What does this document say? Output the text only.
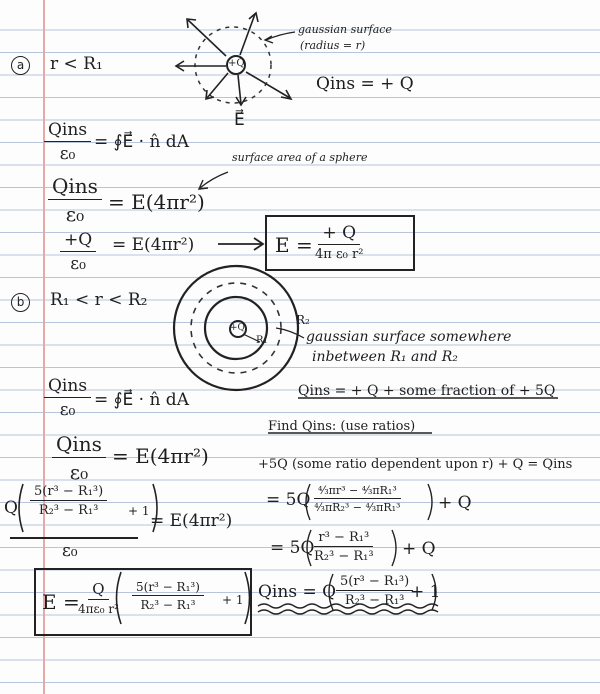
a	r < R₁	+Q
E⃗
gaussian surface
(radius = r)
Qins = + Q
Qins
ε₀
= ∮E⃗ · n̂ dA
surface area of a sphere
Qins
ε₀ = E(4πr²)
$\frac{+Q}{\text{ε₀}} = E(4\pi r^2)$	E = + Q
4π ε₀ r²
b	R₁ < r < R₂
+Q
R₁
R₂
gaussian surface somewhere
inbetween R₁ and R₂
Qins
ε₀ = ∮E⃗ · n̂ dA	Qins = + Q + some fraction of + 5Q
Find Qins: (use ratios)
Qins
ε₀
= E(4πr²)	+5Q (some ratio dependent upon r) + Q = Qins
= $5Q \frac{\text{⁴⁄₃πr³ − ⁴⁄₃πR₁³}}{\text{⁴⁄₃πR₂³ − ⁴⁄₃πR₁³}} + Q$
= $5Q \frac{\text{r³ − R₁³}}{\text{R₂³ − R₁³}} + Q$
Qins = Q $\frac{\text{5(r³ − R₁³)}}{\text{R₂³ − R₁³}}$
+ 1
Q $\frac{\text{5(r³ − R₁³)}}{\text{R₂³ − R₁³}} + 1$
ε₀
= E(4πr²)
E =
Q
4πε₀ $r^2 \frac{\text{5(r³ − R₁³)}}{\text{R₂³ − R₁³}} + 1$
